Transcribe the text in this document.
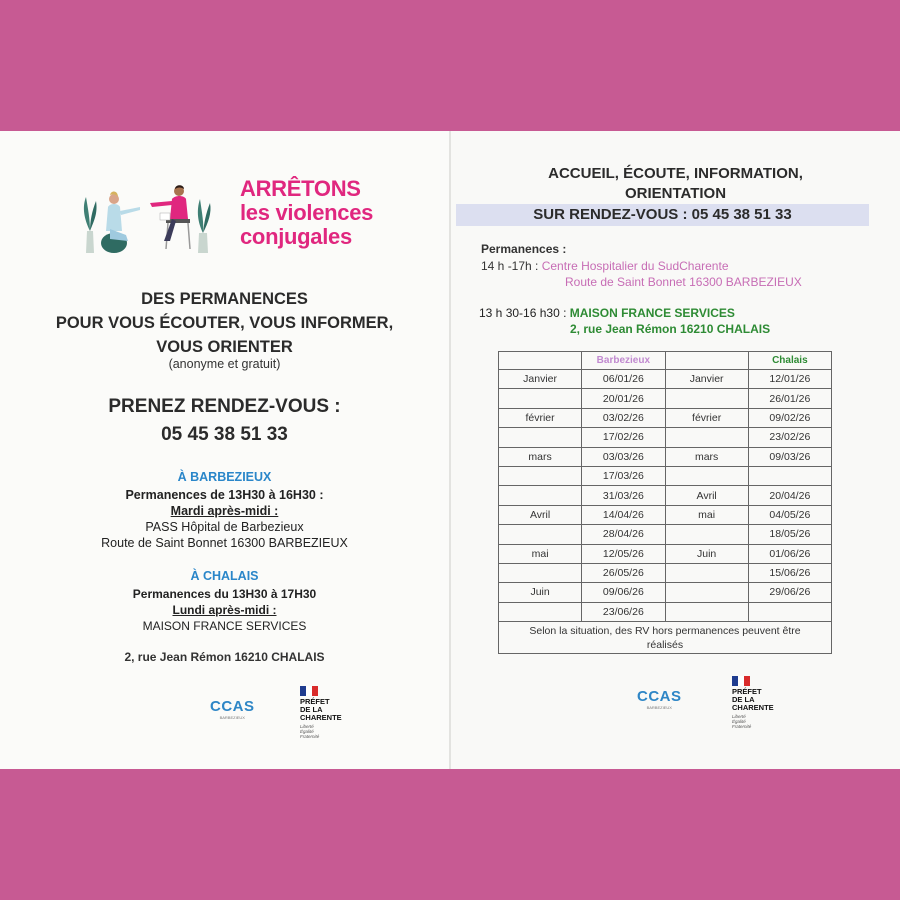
ARRÊTONS
les violences
conjugales
DES PERMANENCES
POUR VOUS ÉCOUTER, VOUS INFORMER,
VOUS ORIENTER
(anonyme et gratuit)
PRENEZ RENDEZ-VOUS :
05 45 38 51 33
À BARBEZIEUX
Permanences de 13H30 à 16H30 :
Mardi après-midi :
PASS Hôpital de Barbezieux
Route de Saint Bonnet 16300 BARBEZIEUX
À CHALAIS
Permanences du 13H30 à 17H30
Lundi après-midi :
MAISON FRANCE SERVICES
2, rue Jean Rémon 16210 CHALAIS
CCAS
BARBEZIEUX
PRÉFET
DE LA
CHARENTE
Liberté
Égalité
Fraternité
ACCUEIL, ÉCOUTE, INFORMATION,
ORIENTATION
SUR RENDEZ-VOUS : 05 45 38 51 33
Permanences :
14 h -17h : Centre Hospitalier du SudCharente
Route de Saint Bonnet 16300 BARBEZIEUX
13 h 30-16 h30 : MAISON FRANCE SERVICES
2, rue Jean Rémon 16210 CHALAIS
	Barbezieux		Chalais
Janvier	06/01/26	Janvier	12/01/26
	20/01/26		26/01/26
février	03/02/26	février	09/02/26
	17/02/26		23/02/26
mars	03/03/26	mars	09/03/26
	17/03/26		
	31/03/26	Avril	20/04/26
Avril	14/04/26	mai	04/05/26
	28/04/26		18/05/26
mai	12/05/26	Juin	01/06/26
	26/05/26		15/06/26
Juin	09/06/26		29/06/26
	23/06/26		

Selon la situation, des RV hors permanences peuvent être
réalisés			
CCAS
BARBEZIEUX
PRÉFET
DE LA
CHARENTE
Liberté
Égalité
Fraternité
